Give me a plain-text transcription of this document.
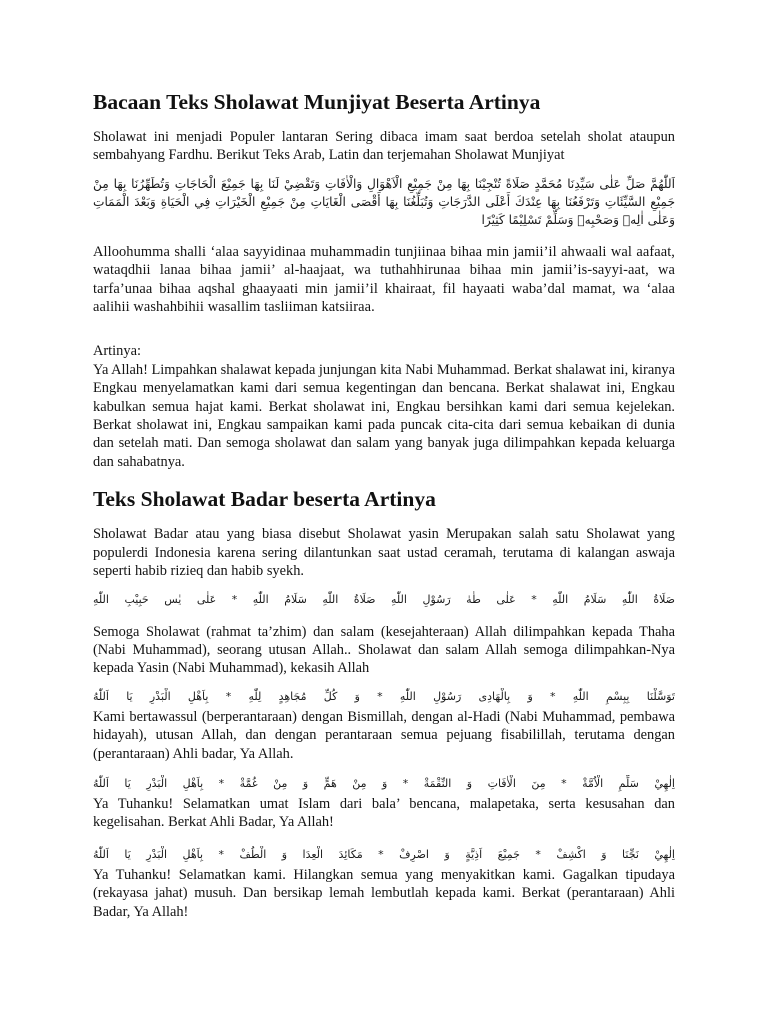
Bacaan Teks Sholawat Munjiyat Beserta Artinya

Sholawat ini menjadi Populer lantaran Sering dibaca imam saat berdoa setelah sholat ataupun sembahyang Fardhu. Berikut Teks Arab, Latin dan terjemahan Sholawat Munjiyat

اَللّٰهُمَّ صَلِّ عَلٰى سَيِّدِنَا مُحَمَّدٍ صَلَاةً تُنْجِيْنَا بِهَا مِنْ جَمِيْعِ الْاَهْوَالِ وَالْاٰفَاتِ وَتَقْضِيْ لَنَا بِهَا جَمِيْعَ الْحَاجَاتِ وَتُطَهِّرُنَا بِهَا مِنْ جَمِيْعِ السَّيِّئَاتِ وَتَرْفَعُنَا بِهَا عِنْدَكَ أَعْلَى الدَّرَجَاتِ وَتُبَلِّغُنَا بِهَا أَقْصَى الْغَايَاتِ مِنْ جَمِيْعِ الْخَيْرَاتِ فِي الْحَيَاةِ وَبَعْدَ الْمَمَاتِ وَعَلٰى اٰلِهٖ وَصَحْبِهٖ وَسَلِّمْ تَسْلِيْمًا كَثِيْرًا

Alloohumma shalli ‘alaa sayyidinaa muhammadin tunjiinaa bihaa min jamii’il ahwaali wal aafaat, wataqdhii lanaa bihaa jamii’ al-haajaat, wa tuthahhirunaa bihaa min jamii’is-sayyi-aat, wa tarfa’unaa bihaa aqshal ghaayaati min jamii’il khairaat, fil hayaati waba’dal mamat, wa ‘alaa aalihii washahbihii wasallim tasliiman katsiiraa.

Artinya:

Ya Allah! Limpahkan shalawat kepada junjungan kita Nabi Muhammad. Berkat shalawat ini, kiranya Engkau menyelamatkan kami dari semua kegentingan dan bencana. Berkat shalawat ini, Engkau kabulkan semua hajat kami. Berkat sholawat ini, Engkau bersihkan kami dari semua kejelekan. Berkat sholawat ini, Engkau sampaikan kami pada puncak cita-cita dari semua kebaikan di dunia dan setelah mati. Dan semoga sholawat dan salam yang banyak juga dilimpahkan kepada keluarga dan sahabatnya.

Teks Sholawat Badar beserta Artinya

Sholawat Badar atau yang biasa disebut Sholawat yasin Merupakan salah satu Sholawat yang populerdi Indonesia karena sering dilantunkan saat ustad ceramah, terutama di kalangan aswaja seperti habib rizieq dan habib syekh.

صَلَاةُ اللّٰهِ سَلَامُ اللّٰهِ * عَلٰى طٰهٰ رَسُوْلِ اللّٰهِ صَلَاةُ اللّٰهِ سَلَامُ اللّٰهِ * عَلٰى يٰس حَبِيْبِ اللّٰهِ

Semoga Sholawat (rahmat ta’zhim) dan salam (kesejahteraan) Allah dilimpahkan kepada Thaha (Nabi Muhammad), seorang utusan Allah.. Sholawat dan salam Allah semoga dilimpahkan-Nya kepada Yasin (Nabi Muhammad), kekasih Allah

تَوَسَّلْنَا بِبِسْمِ اللّٰهِ * وَ بِالْهَادِى رَسُوْلِ اللّٰهِ * وَ كُلِّ مُجَاهِدٍ لِلّٰهِ * بِاَهْلِ الْبَدْرِ يَا اَللّٰهُ

Kami bertawassul (berperantaraan) dengan Bismillah, dengan al-Hadi (Nabi Muhammad, pembawa hidayah), utusan Allah, dan dengan perantaraan semua pejuang fisabilillah, terutama dengan (perantaraan) Ahli badar, Ya Allah.

اِلٰهِيْ سَلِّمِ الْاُمَّةْ * مِنَ الْاٰفَاتِ وَ النِّقْمَةْ * وَ مِنْ هَمٍّ وَ مِنْ غُمَّةْ * بِاَهْلِ الْبَدْرِ يَا اَللّٰهُ

Ya Tuhanku! Selamatkan umat Islam dari bala’ bencana, malapetaka, serta kesusahan dan kegelisahan. Berkat Ahli Badar, Ya Allah!

اِلٰهِيْ نَجِّنَا وَ اكْشِفْ * جَمِيْعَ اَذِيَّةٍ وَ اصْرِفْ * مَكَائِدَ الْعِدَا وَ الْطُفْ * بِاَهْلِ الْبَدْرِ يَا اَللّٰهُ

Ya Tuhanku! Selamatkan kami. Hilangkan semua yang menyakitkan kami. Gagalkan tipudaya (rekayasa jahat) musuh. Dan bersikap lemah lembutlah kepada kami. Berkat (perantaraan) Ahli Badar, Ya Allah!
